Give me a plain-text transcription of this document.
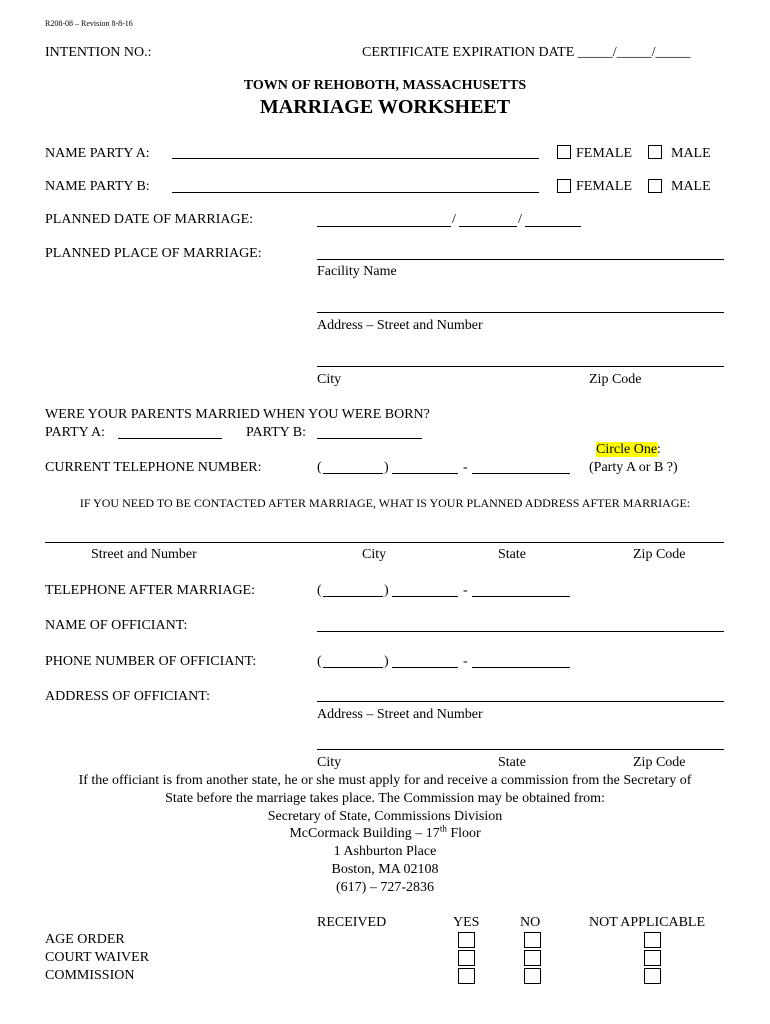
R208-08 – Revision 8-8-16
INTENTION NO.:	CERTIFICATE EXPIRATION DATE _____/_____/_____
TOWN OF REHOBOTH, MASSACHUSETTS
MARRIAGE WORKSHEET
NAME PARTY A:	FEMALE	MALE
NAME PARTY B:	FEMALE	MALE
PLANNED DATE OF MARRIAGE:	/	/
PLANNED PLACE OF MARRIAGE:
Facility Name
Address – Street and Number
City	Zip Code
WERE YOUR PARENTS MARRIED WHEN YOU WERE BORN?
PARTY A:	PARTY B:
Circle One:
(Party A or B ?)
CURRENT TELEPHONE NUMBER:	(	)	-
IF YOU NEED TO BE CONTACTED AFTER MARRIAGE, WHAT IS YOUR PLANNED ADDRESS AFTER MARRIAGE:
Street and Number	City	State	Zip Code
TELEPHONE AFTER MARRIAGE:	(	)	-
NAME OF OFFICIANT:
PHONE NUMBER OF OFFICIANT:	(	)	-
ADDRESS OF OFFICIANT:
Address – Street and Number
City	State	Zip Code
If the officiant is from another state, he or she must apply for and receive a commission from the Secretary of
State before the marriage takes place. The Commission may be obtained from:
Secretary of State, Commissions Division
McCormack Building – 17th Floor
1 Ashburton Place
Boston, MA 02108
(617) – 727-2836
RECEIVED	YES	NO	NOT APPLICABLE
AGE ORDER
COURT WAIVER
COMMISSION
